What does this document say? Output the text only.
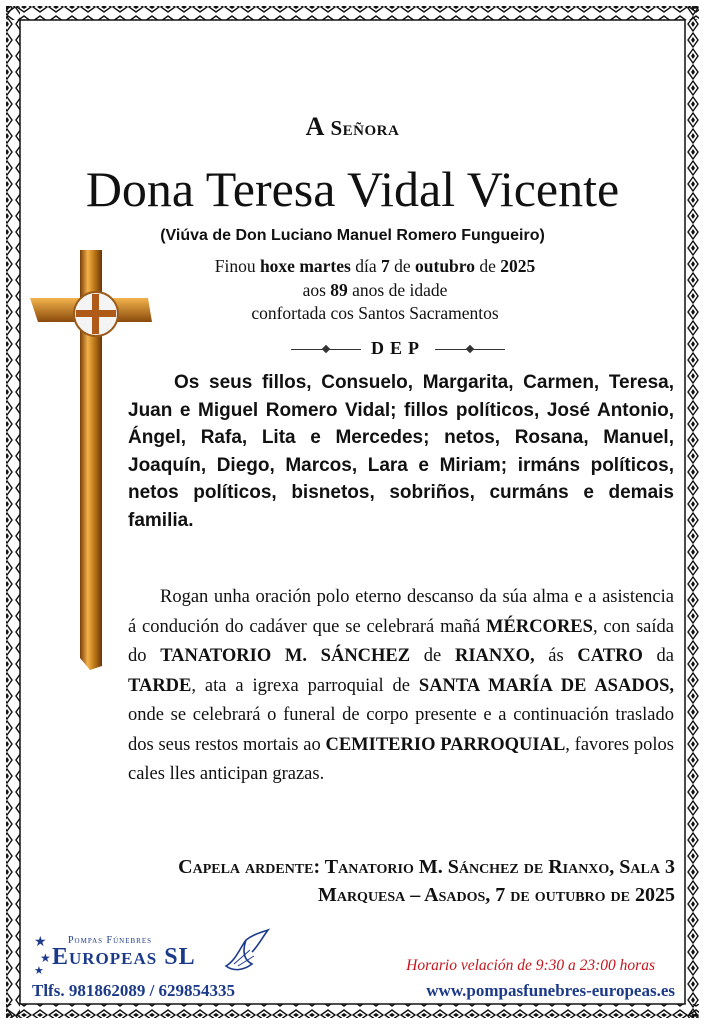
A Señora
Dona Teresa Vidal Vicente
(Viúva de Don Luciano Manuel Romero Fungueiro)
Finou hoxe martes día 7 de outubro de 2025
aos 89 anos de idade
confortada cos Santos Sacramentos
DEP
Os seus fillos, Consuelo, Margarita, Carmen, Teresa, Juan e Miguel Romero Vidal; fillos políticos, José Antonio, Ángel, Rafa, Lita e Mercedes; netos, Rosana, Manuel, Joaquín, Diego, Marcos, Lara e Miriam; irmáns políticos, netos políticos, bisnetos, sobriños, curmáns e demais familia.
Rogan unha oración polo eterno descanso da súa alma e a asistencia á condución do cadáver que se celebrará mañá MÉRCORES, con saída do TANATORIO M. SÁNCHEZ de RIANXO, ás CATRO da TARDE, ata a igrexa parroquial de SANTA MARÍA DE ASADOS, onde se celebrará o funeral de corpo presente e a continuación traslado dos seus restos mortais ao CEMITERIO PARROQUIAL, favores polos cales lles anticipan grazas.
Capela ardente: Tanatorio M. Sánchez de Rianxo, Sala 3
Marquesa – Asados, 7 de outubro de 2025
★
★
★
Pompas Fúnebres
Europeas SL	Horario velación de 9:30 a 23:00 horas
Tlfs. 981862089 / 629854335	www.pompasfunebres-europeas.es
